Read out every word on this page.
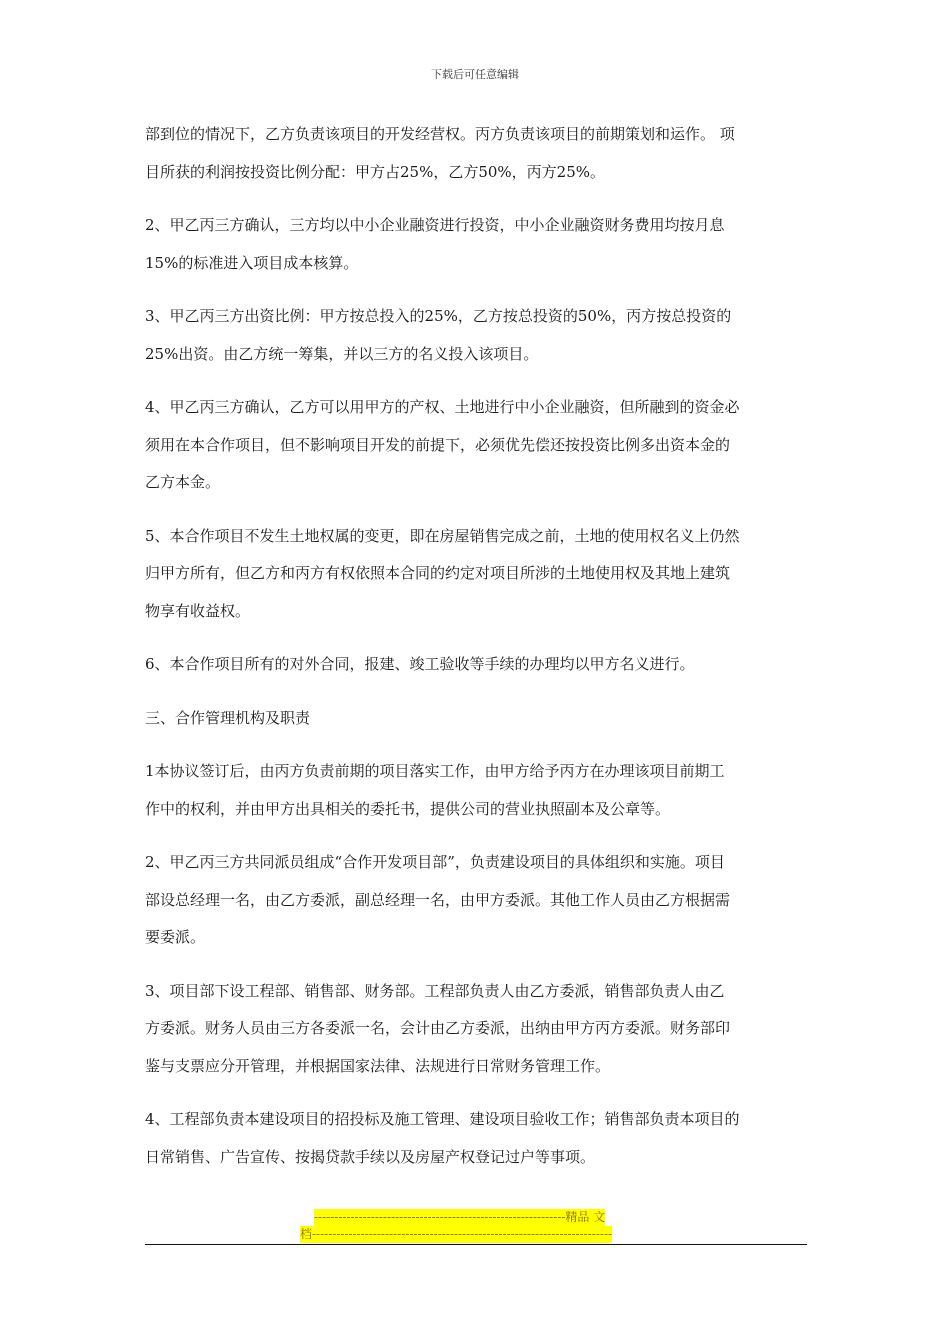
下载后可任意编辑
部到位的情况下，乙方负责该项目的开发经营权。丙方负责该项目的前期策划和运作。 项
目所获的利润按投资比例分配：甲方占25%，乙方50%，丙方25%。
2、甲乙丙三方确认，三方均以中小企业融资进行投资，中小企业融资财务费用均按月息
15%的标准进入项目成本核算。
3、甲乙丙三方出资比例：甲方按总投入的25%，乙方按总投资的50%，丙方按总投资的
25%出资。由乙方统一筹集，并以三方的名义投入该项目。
4、甲乙丙三方确认，乙方可以用甲方的产权、土地进行中小企业融资，但所融到的资金必
须用在本合作项目，但不影响项目开发的前提下，必须优先偿还按投资比例多出资本金的
乙方本金。
5、本合作项目不发生土地权属的变更，即在房屋销售完成之前，土地的使用权名义上仍然
归甲方所有，但乙方和丙方有权依照本合同的约定对项目所涉的土地使用权及其地上建筑
物享有收益权。
6、本合作项目所有的对外合同，报建、竣工验收等手续的办理均以甲方名义进行。
三、合作管理机构及职责
1本协议签订后，由丙方负责前期的项目落实工作，由甲方给予丙方在办理该项目前期工
作中的权利，并由甲方出具相关的委托书，提供公司的营业执照副本及公章等。
2、甲乙丙三方共同派员组成“合作开发项目部”，负责建设项目的具体组织和实施。项目
部设总经理一名，由乙方委派，副总经理一名，由甲方委派。其他工作人员由乙方根据需
要委派。
3、项目部下设工程部、销售部、财务部。工程部负责人由乙方委派，销售部负责人由乙
方委派。财务人员由三方各委派一名，会计由乙方委派，出纳由甲方丙方委派。财务部印
鉴与支票应分开管理，并根据国家法律、法规进行日常财务管理工作。
4、工程部负责本建设项目的招投标及施工管理、建设项目验收工作；销售部负责本项目的
日常销售、广告宣传、按揭贷款手续以及房屋产权登记过户等事项。
--------------------------------------------------------------精品 文
档--------------------------------------------------------------------------
